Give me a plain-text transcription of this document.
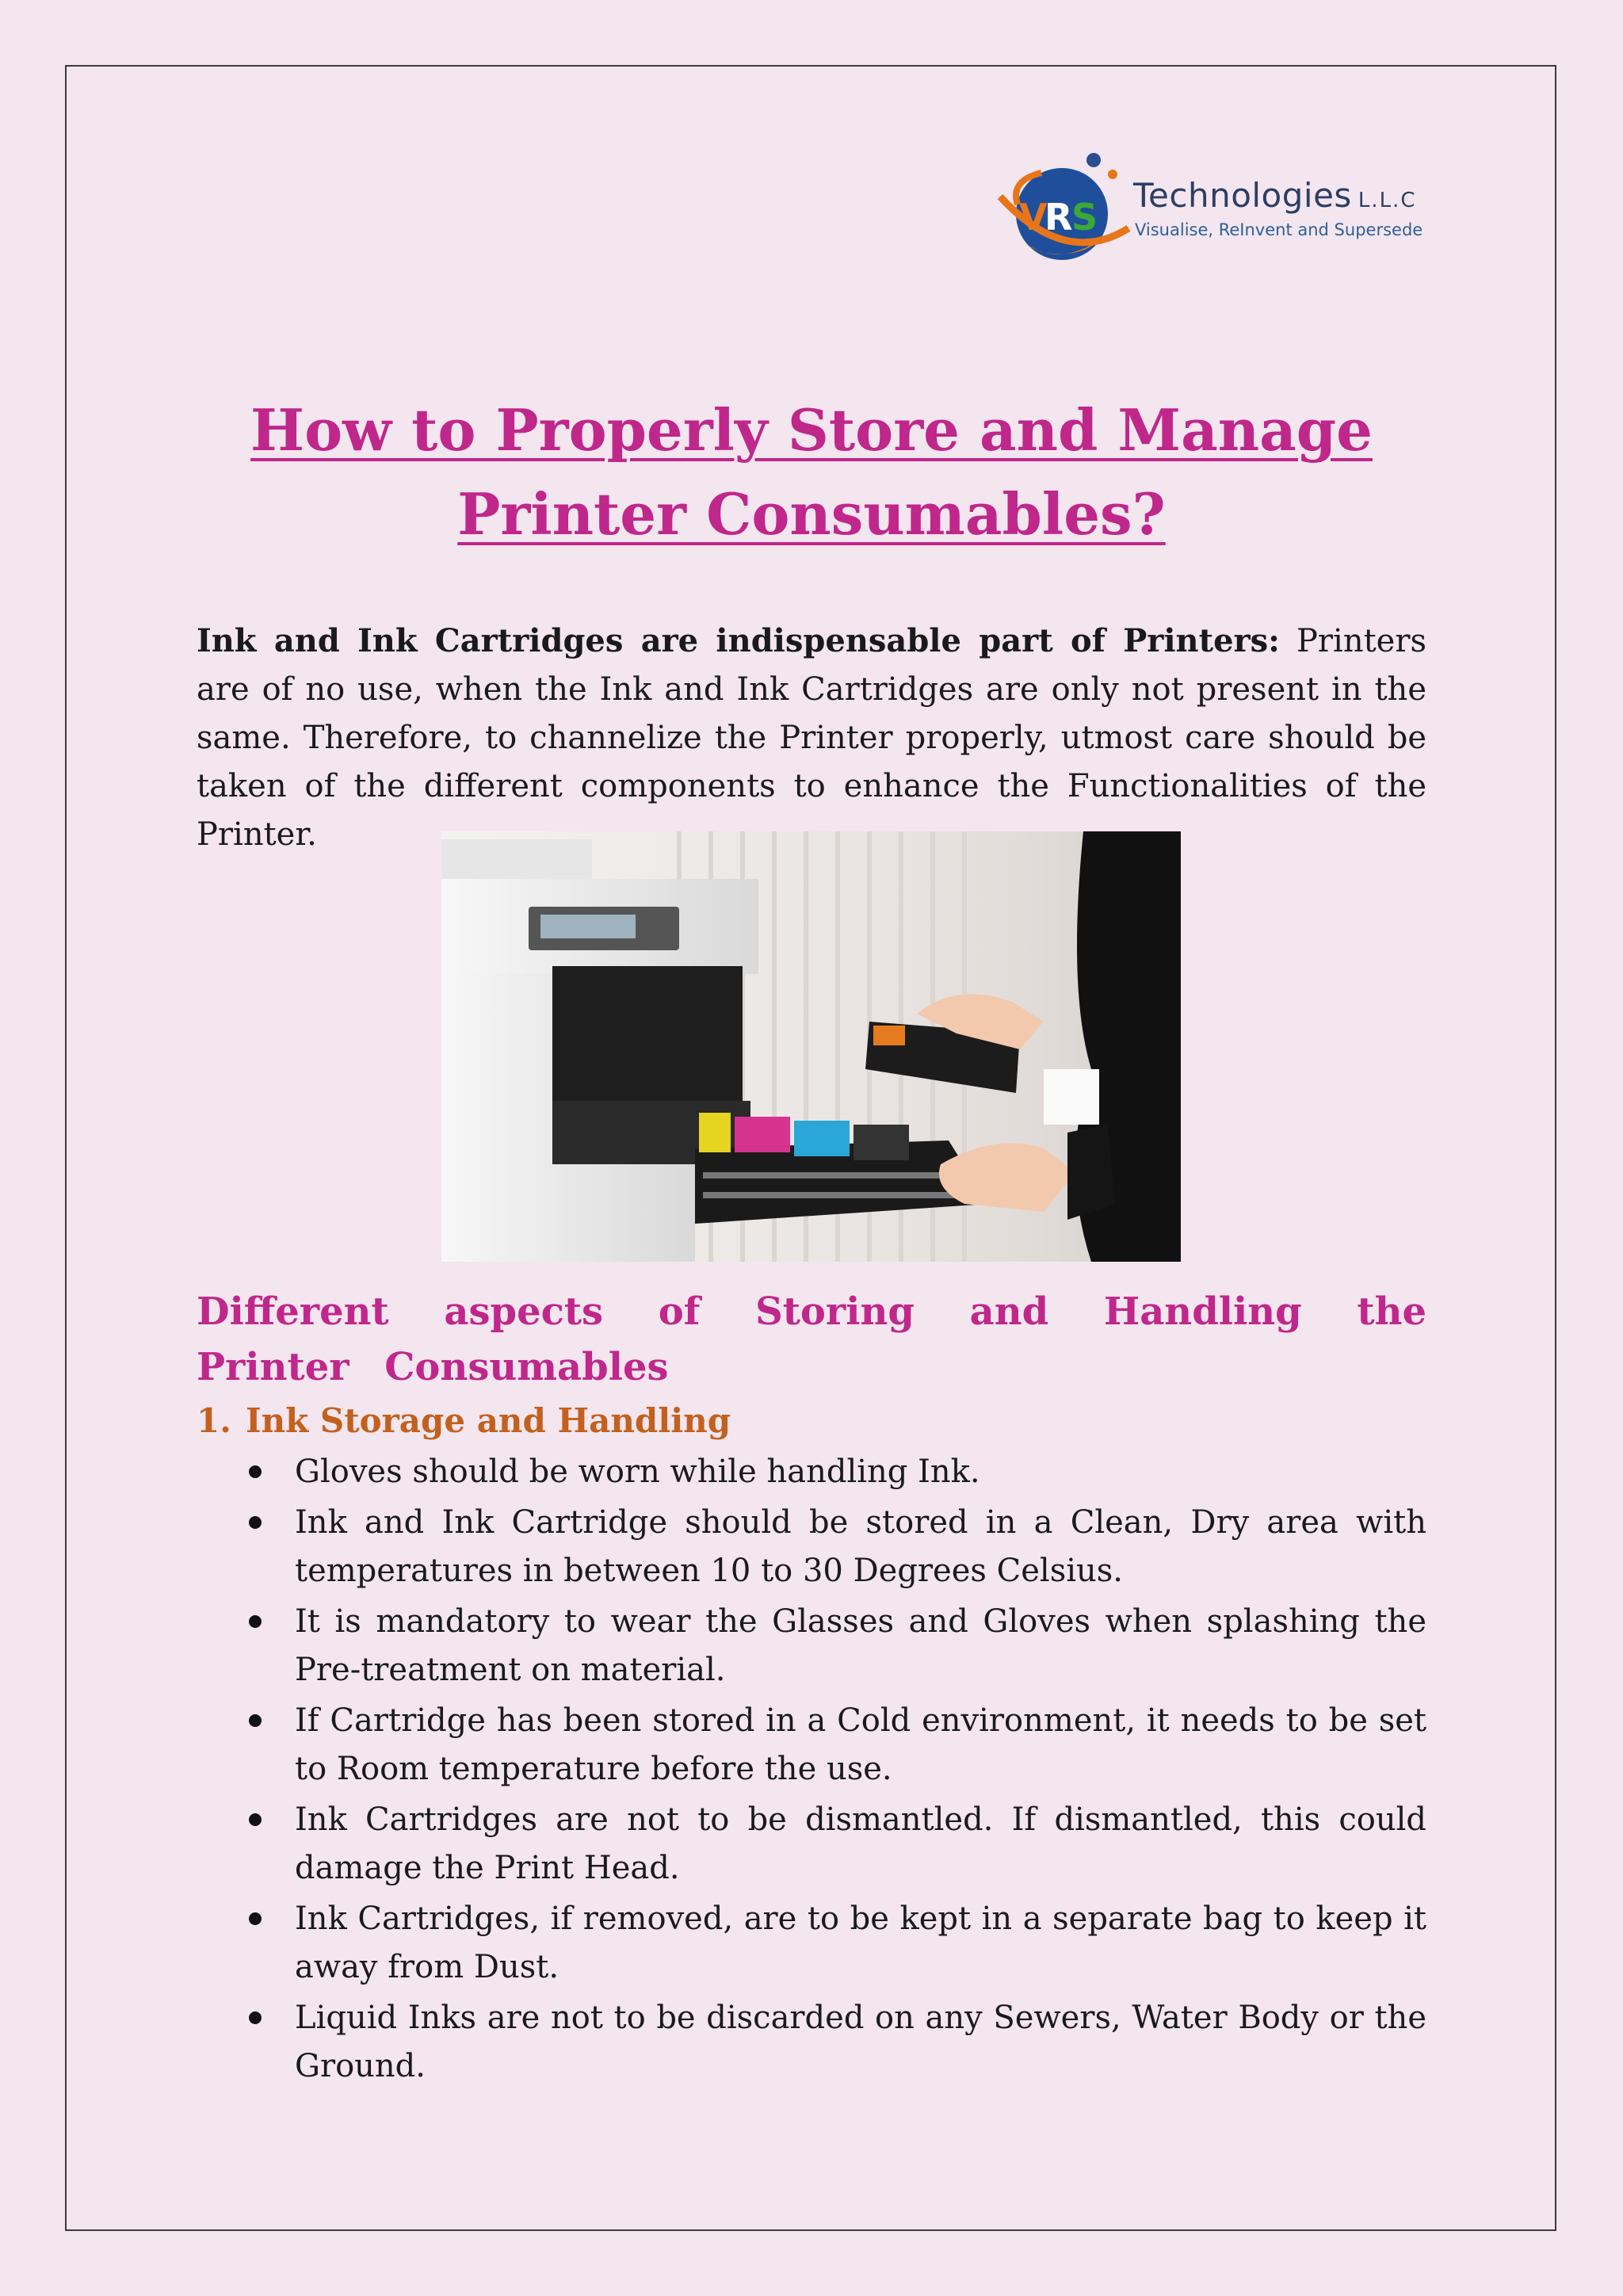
V
R
S
Technologies L.L.C
Visualise, ReInvent and Supersede
How to Properly Store and Manage
Printer Consumables?

Ink and Ink Cartridges are indispensable part of Printers: Printers are of no use, when the Ink and Ink Cartridges are only not present in the same. Therefore, to channelize the Printer properly, utmost care should be taken of the different components to enhance the Functionalities of the Printer.

Different aspects of Storing and Handling the Printer Consumables
1. Ink Storage and Handling
Gloves should be worn while handling Ink.
Ink and Ink Cartridge should be stored in a Clean, Dry area with temperatures in between 10 to 30 Degrees Celsius.
It is mandatory to wear the Glasses and Gloves when splashing the Pre-treatment on material.
If Cartridge has been stored in a Cold environment, it needs to be set to Room temperature before the use.
Ink Cartridges are not to be dismantled. If dismantled, this could damage the Print Head.
Ink Cartridges, if removed, are to be kept in a separate bag to keep it away from Dust.
Liquid Inks are not to be discarded on any Sewers, Water Body or the Ground.
